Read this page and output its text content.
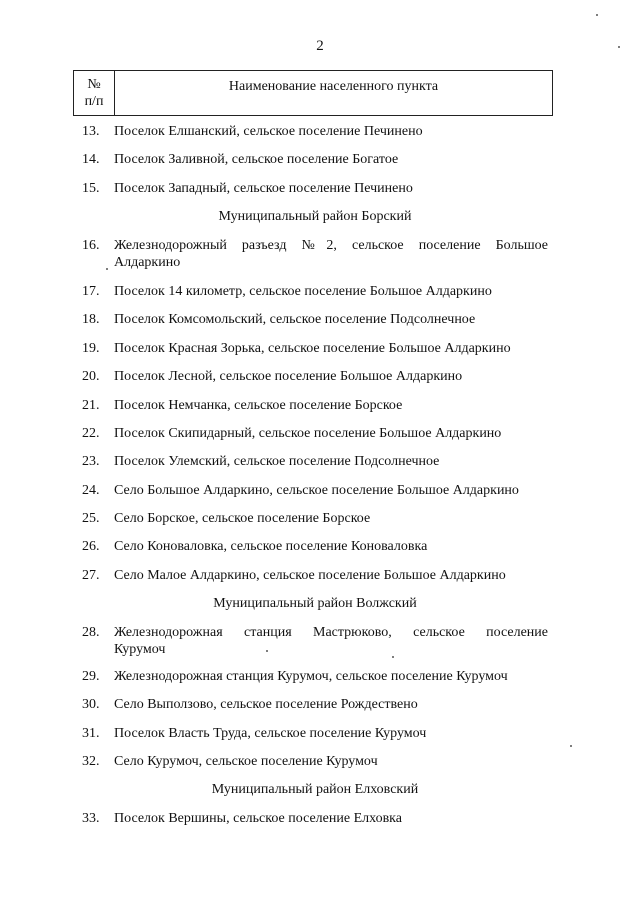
2
№
п/п
Наименование населенного пункта
13. Поселок Елшанский, сельское поселение Печинено
14. Поселок Заливной, сельское поселение Богатое
15. Поселок Западный, сельское поселение Печинено
Муниципальный район Борский
16. Железнодорожный разъезд №2, сельское поселение Большое
Алдаркино
17. Поселок 14 километр, сельское поселение Большое Алдаркино
18. Поселок Комсомольский, сельское поселение Подсолнечное
19. Поселок Красная Зорька, сельское поселение Большое Алдаркино
20. Поселок Лесной, сельское поселение Большое Алдаркино
21. Поселок Немчанка, сельское поселение Борское
22. Поселок Скипидарный, сельское поселение Большое Алдаркино
23. Поселок Улемский, сельское поселение Подсолнечное
24. Село Большое Алдаркино, сельское поселение Большое Алдаркино
25. Село Борское, сельское поселение Борское
26. Село Коноваловка, сельское поселение Коноваловка
27. Село Малое Алдаркино, сельское поселение Большое Алдаркино
Муниципальный район Волжский
28. Железнодорожная станция Мастрюково, сельское поселение
Курумоч
29. Железнодорожная станция Курумоч, сельское поселение Курумоч
30. Село Выползово, сельское поселение Рождествено
31. Поселок Власть Труда, сельское поселение Курумоч
32. Село Курумоч, сельское поселение Курумоч
Муниципальный район Елховский
33. Поселок Вершины, сельское поселение Елховка
